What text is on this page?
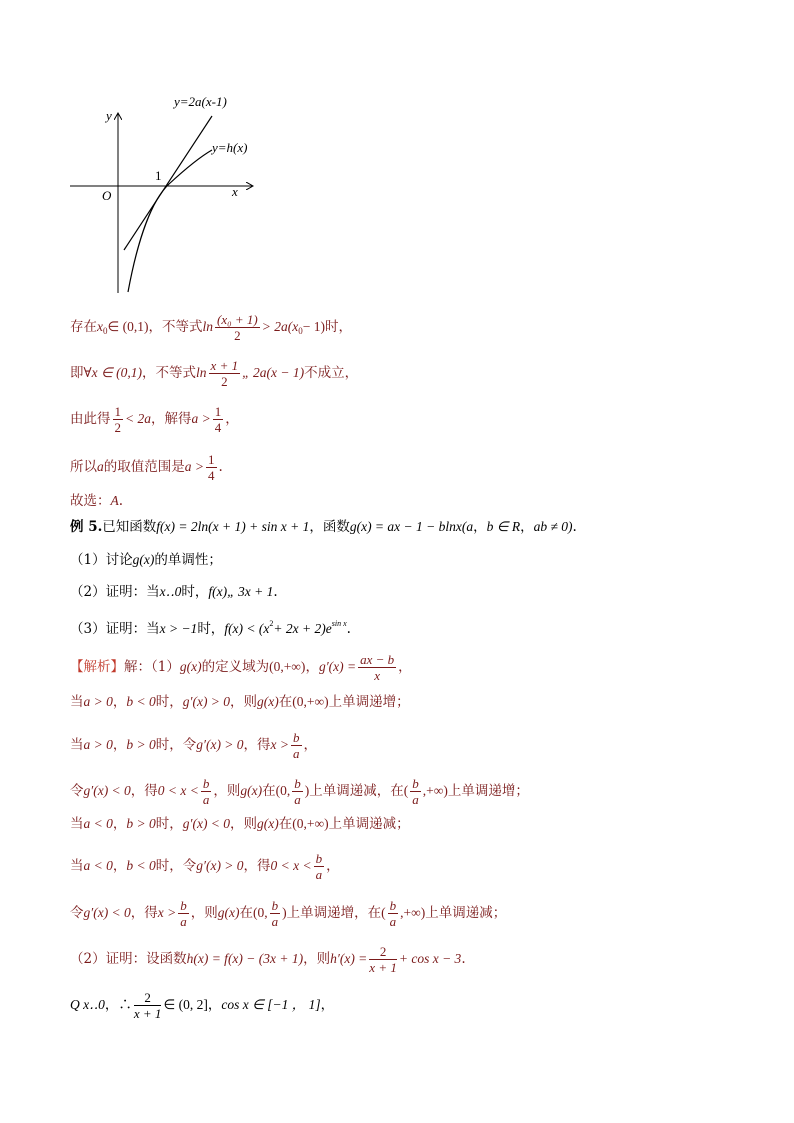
y
x
O
1
y=2a(x-1)
y=h(x)
存在$x_0\in$ (0,1)，不等式$\ln \frac{\text{(x₀ + 1)}}{2} > 2a(x_0- 1)$时，
即∀x ∈ (0,1)，不等式$\ln \frac{x + 1}{2}$ „ 2a(x − 1)不成立，
由此得 $\frac{1}{2} < 2a$，解得$a > \frac{1}{4}$ ，
所以a的取值范围是$a > \frac{1}{4}$ .
故选：A.
例 5.已知函数f(x) = 2ln(x + 1) + sin x + 1，函数g(x) = ax − 1 − blnx(a，b ∈ R，ab ≠ 0).
（1）讨论g(x)的单调性；
（2）证明：当x‥0时，f(x)„ 3x + 1.
（3）证明：当x > −1时，$f(x) < (x^2+ 2x + 2)e^{sin x}$.
【解析】解：（1）g(x)的定义域为(0,+∞)，$g'(x) = \frac{ax - b}{x}$ ，
当a > 0，b < 0时，g′(x) > 0，则g(x)在(0,+∞)上单调递增；
当a > 0，b > 0时，令g′(x) > 0，得$x > \frac{b}{a}$ ，
令g′(x) < 0，得$0 < x < \frac{b}{a}$ ，则g(x)在(0, $\frac{b}{a}$ )上单调递减，在( $\frac{b}{a}$ ,+∞)上单调递增；
当a < 0，b > 0时，g′(x) < 0，则g(x)在(0,+∞)上单调递减；
当a < 0，b < 0时，令g′(x) > 0，得$0 < x < \frac{b}{a}$ ，
令g′(x) < 0，得$x > \frac{b}{a}$ ，则g(x)在(0, $\frac{b}{a}$ )上单调递增，在( $\frac{b}{a}$ ,+∞)上单调递减；
（2）证明：设函数h(x) = f(x) − (3x + 1)，则$h'(x) = \frac{2}{x + 1} + \cos x - 3$.
Q x‥0，∴ $\frac{2}{x + 1}$ ∈ (0, 2]，cos x ∈ [−1 ， 1]，
